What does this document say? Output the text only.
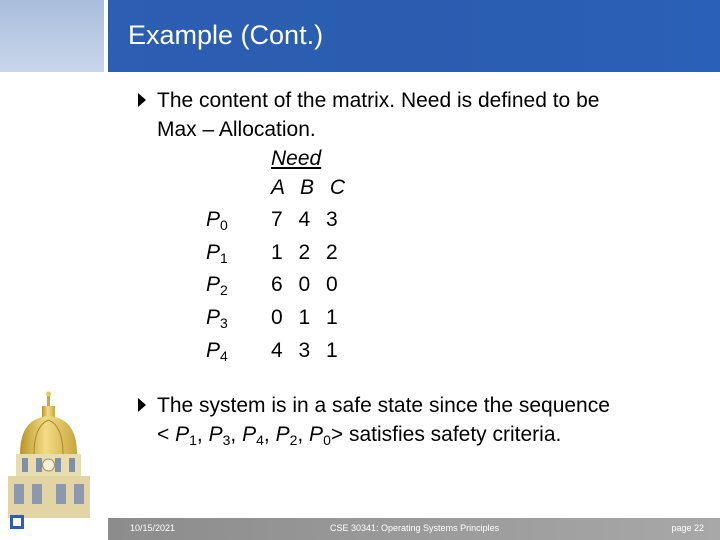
Example (Cont.)
The content of the matrix. Need is defined to be
Max – Allocation.
Need
A B C
$P_0$ 7 4 3
$P_1$ 1 2 2
$P_2$ 6 0 0
$P_3$ 0 1 1
$P_4$ 4 3 1
The system is in a safe state since the sequence
< $P_1$, $P_3$, $P_4$, $P_2$, $P_0>$ satisfies safety criteria.
10/15/2021	CSE 30341: Operating Systems Principles	page 22
